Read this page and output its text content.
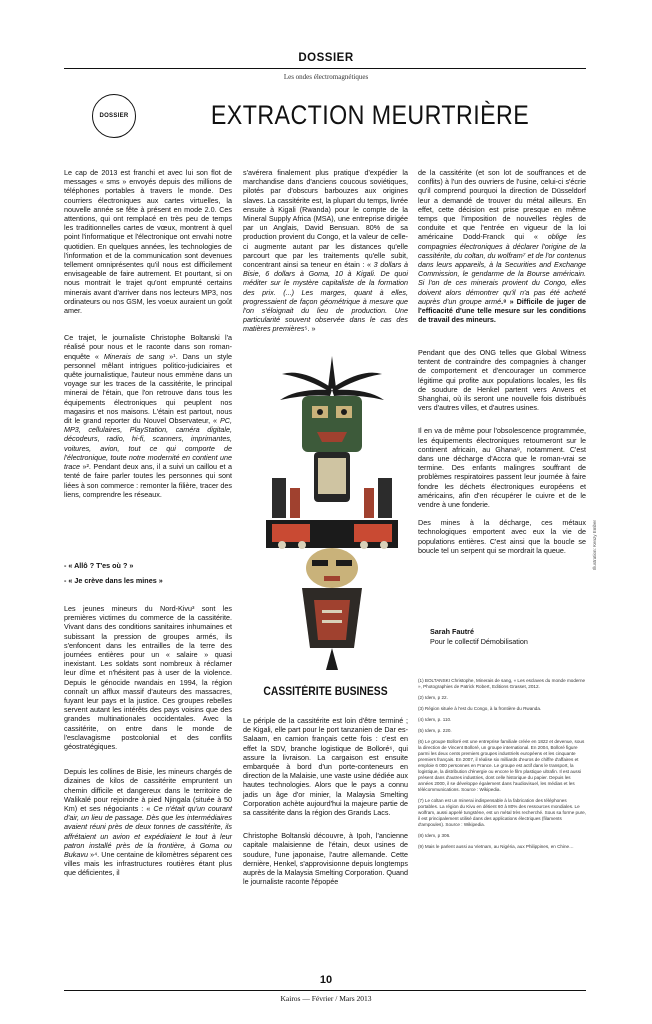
DOSSIER
Les ondes électromagnétiques
DOSSIER	EXTRACTION MEURTRIÈRE

Le cap de 2013 est franchi et avec lui son flot de messages « sms » envoyés depuis des millions de téléphones portables à travers le monde. Des courriers électroniques aux cartes virtuelles, la nouvelle année se fête à présent en mode 2.0. Ces attentions, qui ont remplacé en très peu de temps les traditionnelles cartes de vœux, montrent à quel point l'informatique et l'électronique ont envahi notre quotidien. En quelques années, les technologies de l'information et de la communication sont devenues tellement omniprésentes qu'il nous est difficilement envisageable de faire autrement. Et pourtant, si on nous montrait le trajet qu'ont emprunté certains minerais avant d'arriver dans nos lecteurs MP3, nos ordinateurs ou nos GSM, les voeux auraient un goût amer.

Ce trajet, le journaliste Christophe Boltanski l'a réalisé pour nous et le raconte dans son roman-enquête « Minerais de sang »¹. Dans un style personnel mêlant intrigues politico-judiciaires et quête journalistique, l'auteur nous emmène dans un voyage sur les traces de la cassitérite, le principal minerai de l'étain, que l'on retrouve dans tous les équipements électroniques qui peuplent nos magasins et nos maisons. L'étain est partout, nous dit le grand reporter du Nouvel Observateur, « PC, MP3, cellulaires, PlayStation, caméra digitale, décodeurs, radio, hi-fi, scanners, imprimantes, voitures, avion, tout ce qui comporte de l'électronique, toute notre modernité en contient une trace »². Pendant deux ans, il a suivi un caillou et a tenté de faire parler toutes les personnes qui sont liées à son commerce : remonter la filière, tracer des liens, comprendre les réseaux.

- « Allô ? T'es où ? »
- « Je crève dans les mines »

Les jeunes mineurs du Nord-Kivu³ sont les premières victimes du commerce de la cassitérite. Vivant dans des conditions sanitaires inhumaines et subissant la pression de groupes armés, ils s'enfoncent dans les entrailles de la terre des journées entières pour un « salaire » quasi inexistant. Les soldats sont nombreux à réclamer leur dîme et n'hésitent pas à user de la violence. Depuis le génocide rwandais en 1994, la région connaît un afflux massif d'auteurs des massacres, fuyant leur pays et la justice. Ces groupes rebelles servent autant les intérêts des pays voisins que des grandes multinationales occidentales. Avec la cassitérite, on entre dans le monde de l'esclavagisme postcolonial et des conflits géostratégiques.

Depuis les collines de Bisie, les mineurs chargés de dizaines de kilos de cassitérite empruntent un chemin difficile et dangereux dans le territoire de Walikalé pour rejoindre à pied Njingala (située à 50 Km) et ses négociants : « Ce n'était qu'un courant d'air, un lieu de passage. Dès que les intermédiaires avaient réuni près de deux tonnes de cassitérite, ils affrétaient un avion et expédiaient le tout à leur patron installé près de la frontière, à Goma ou Bukavu »⁴. Une centaine de kilomètres séparent ces villes mais les infrastructures routières étant plus que déficientes, il

s'avérera finalement plus pratique d'expédier la marchandise dans d'anciens coucous soviétiques, pilotés par d'obscurs barbouzes aux origines slaves. La cassitérite est, la plupart du temps, livrée ensuite à Kigali (Rwanda) pour le compte de la Mineral Supply Africa (MSA), une entreprise dirigée par un Anglais, David Bensuan. 80% de sa production provient du Congo, et la valeur de celle-ci augmente autant par les distances qu'elle parcourt que par les traitements qu'elle subit, concentrant ainsi sa teneur en étain : « 3 dollars à Bisie, 6 dollars à Goma, 10 à Kigali. De quoi méditer sur le mystère capitaliste de la formation des prix. (...) Les marges, quant à elles, progressaient de façon géométrique à mesure que l'on s'éloignait du lieu de production. Une particularité souvent observée dans le cas des matières premières⁵. »

CASSITÉRITE BUSINESS

Le périple de la cassitérite est loin d'être terminé ; de Kigali, elle part pour le port tanzanien de Dar es-Salaam, en camion français cette fois : c'est en effet la SDV, branche logistique de Bolloré⁶, qui assure la livraison. La cargaison est ensuite embarquée à bord d'un porte-conteneurs en direction de la Malaisie, une vaste usine dédiée aux hautes technologies. Alors que le pays a connu jadis un âge d'or minier, la Malaysia Smelting Corporation achète aujourd'hui la majeure partie de sa cassitérite dans la région des Grands Lacs.

Christophe Boltanski découvre, à Ipoh, l'ancienne capitale malaisienne de l'étain, deux usines de soudure, l'une japonaise, l'autre allemande. Cette dernière, Henkel, s'approvisionne depuis longtemps auprès de la Malaysia Smelting Corporation. Quand le journaliste raconte l'épopée

de la cassitérite (et son lot de souffrances et de conflits) à l'un des ouvriers de l'usine, celui-ci s'écrie qu'il comprend pourquoi la direction de Düsseldorf leur a demandé de trouver du métal ailleurs. En effet, cette décision est prise presque en même temps que l'imposition de nouvelles règles de conduite et que l'entrée en vigueur de la loi américaine Dodd-Franck qui « oblige les compagnies électroniques à déclarer l'origine de la cassitérite, du coltan, du wolfram⁷ et de l'or contenus dans leurs appareils, à la Securities and Exchange Commission, le gendarme de la Bourse américain. Si l'on de ces minerais provient du Congo, elles doivent alors démontrer qu'il n'a pas été acheté auprès d'un groupe armé.⁸ » Difficile de juger de l'efficacité d'une telle mesure sur les conditions de travail des mineurs.

Pendant que des ONG telles que Global Witness tentent de contraindre des compagnies à changer de comportement et d'encourager un commerce légitime qui profite aux populations locales, les fils de soudure de Henkel partent vers Anvers et Shanghai, où ils seront une nouvelle fois distribués vers d'autres villes, et d'autres usines.

Il en va de même pour l'obsolescence programmée, les équipements électroniques retourneront sur le continent africain, au Ghana⁹, notamment. C'est dans une décharge d'Accra que le roman-vrai se termine. Des enfants malingres souffrant de problèmes respiratoires passent leur journée à faire fondre les déchets électroniques européens et américains, afin d'en récupérer le cuivre et de le vendre à une fonderie.

Des mines à la décharge, ces métaux technologiques emportent avec eux la vie de populations entières. C'est ainsi que la boucle se boucle tel un serpent qui se mordrait la queue.

Sarah Fautré
Pour le collectif Démobilisation
Illustration: Kenzy Ember
(1) BOLTANSKI Christophe, Minerais de sang, « Les esclaves du monde moderne », Photographies de Patrick Robert, Editions Grasset, 2012.
(2) Idem, p 22.
(3) Région située à l'est du Congo, à la frontière du Rwanda.
(4) Idem, p. 110.
(5) Idem, p. 220.
(6) Le groupe Bolloré est une entreprise familiale créée en 1822 et devenue, sous la direction de Vincent Bolloré, un groupe international. En 2004, Bolloré figure parmi les deux cents premiers groupes industriels européens et les cinquante premiers français. En 2007, il réalise six milliards d'euros de chiffre d'affaires et emploie 6 000 personnes en France. Le groupe est actif dans le transport, la logistique, la distribution d'énergie ou encore le film plastique ultrafin. Il est aussi présent dans d'autres industries, dont celle historique du papier. Depuis les années 2000, il se développe également dans l'audiovisuel, les médias et les télécommunications. Source : Wikipedia.
(7) Le coltan est un minerai indispensable à la fabrication des téléphones portables. La région du Kivu en détient 60 à 80% des ressources mondiales. Le wolfram, aussi appelé tungstène, est un métal très recherché. Sous sa forme pure, il est principalement utilisé dans des applications électriques (filaments d'ampoules). Source : Wikipedia.
(8) Idem, p 306.
(9) Mais le parlent aussi au Vietnam, au Nigéria, aux Philippines, en Chine…
10
Kairos — Février / Mars 2013
